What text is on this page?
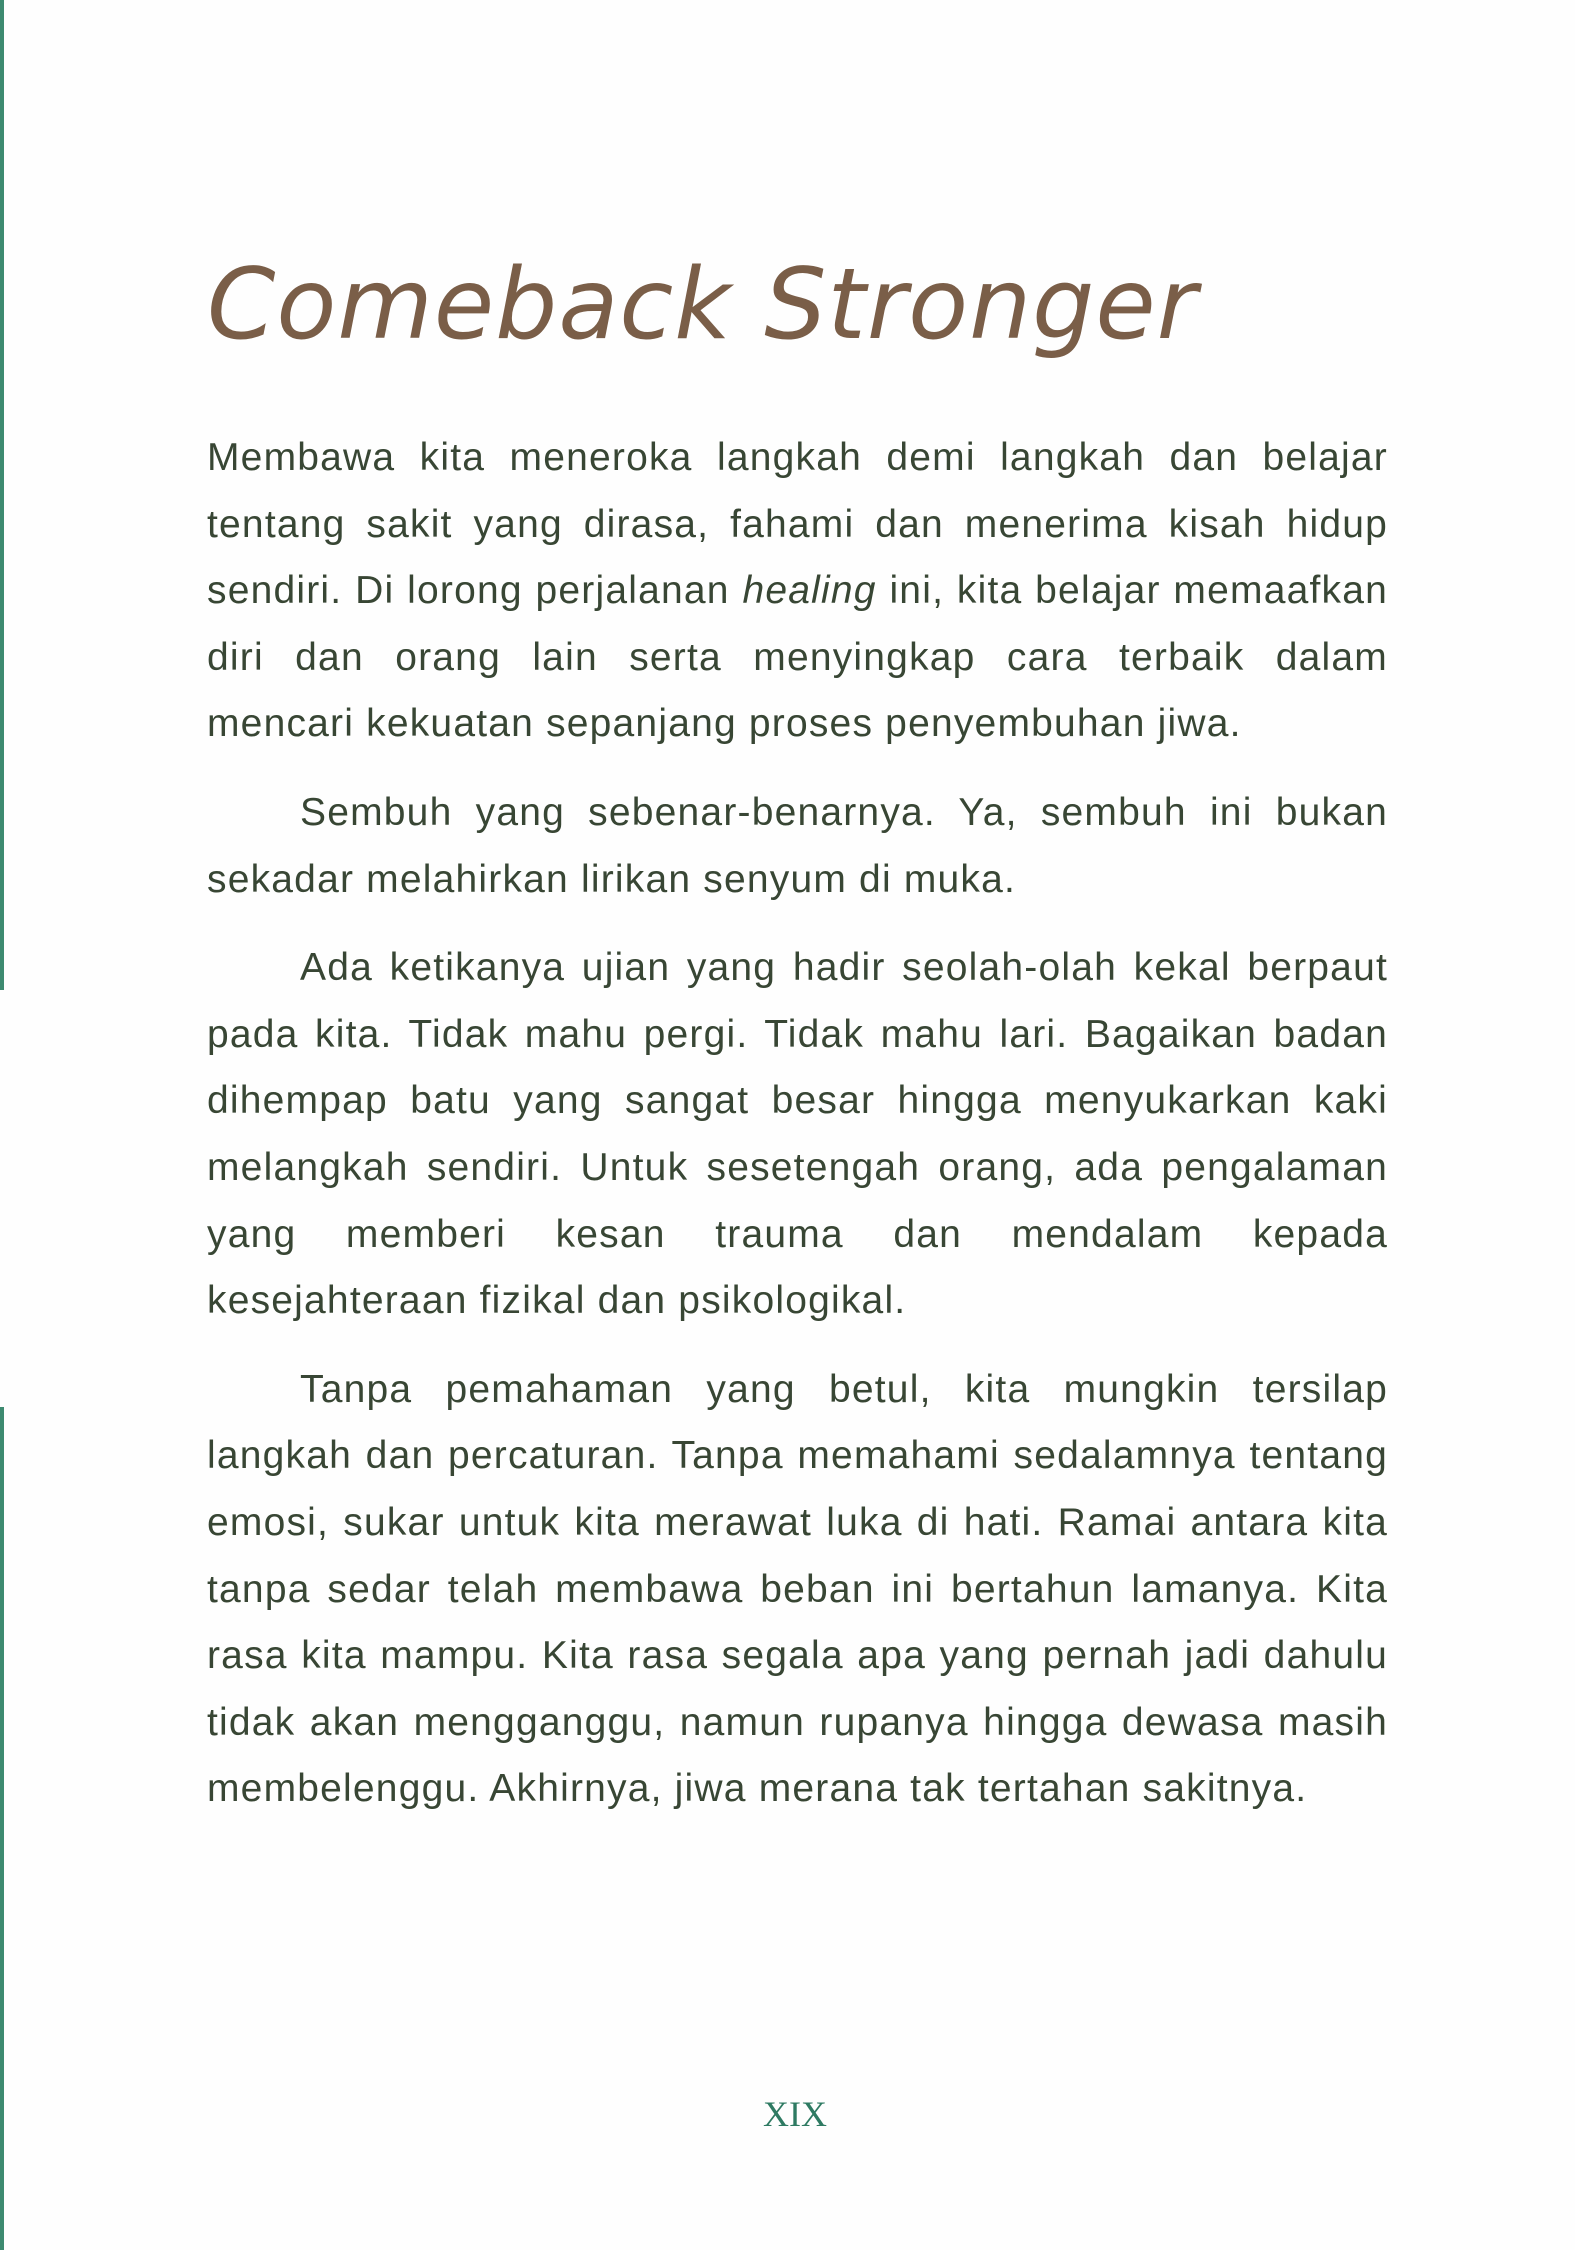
Comeback Stronger

Membawa kita meneroka langkah demi langkah dan belajar tentang sakit yang dirasa, fahami dan menerima kisah hidup sendiri. Di lorong perjalanan healing ini, kita belajar memaafkan diri dan orang lain serta menyingkap cara terbaik dalam mencari kekuatan sepanjang proses penyembuhan jiwa.

Sembuh yang sebenar-benarnya. Ya, sembuh ini bukan sekadar melahirkan lirikan senyum di muka.

Ada ketikanya ujian yang hadir seolah-olah kekal berpaut pada kita. Tidak mahu pergi. Tidak mahu lari. Bagaikan badan dihempap batu yang sangat besar hingga menyukarkan kaki melangkah sendiri. Untuk sesetengah orang, ada pengalaman yang memberi kesan trauma dan mendalam kepada kesejahteraan fizikal dan psikologikal.

Tanpa pemahaman yang betul, kita mungkin tersilap langkah dan percaturan. Tanpa memahami sedalamnya tentang emosi, sukar untuk kita merawat luka di hati. Ramai antara kita tanpa sedar telah membawa beban ini bertahun lamanya. Kita rasa kita mampu. Kita rasa segala apa yang pernah jadi dahulu tidak akan mengganggu, namun rupanya hingga dewasa masih membelenggu. Akhirnya, jiwa merana tak tertahan sakitnya.

XIX
